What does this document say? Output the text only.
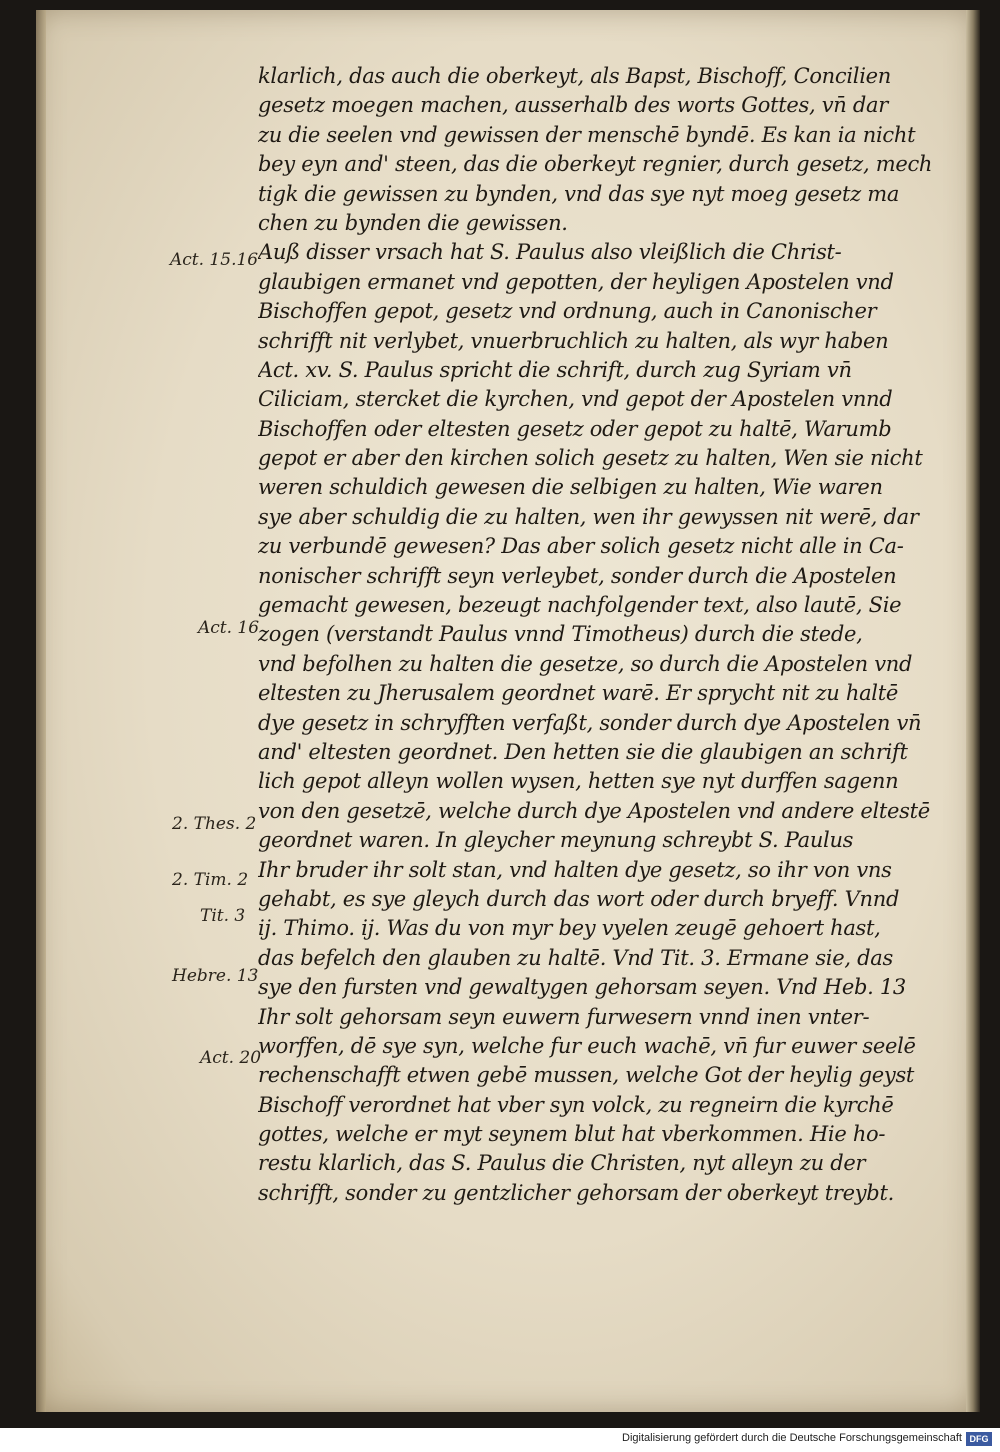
klarlich, das auch die oberkeyt, als Bapst, Bischoff, Concilien
gesetz moegen machen, ausserhalb des worts Gottes, vn̄ dar
zu die seelen vnd gewissen der menschē byndē. Es kan ia nicht
bey eyn and' steen, das die oberkeyt regnier, durch gesetz, mech
tigk die gewissen zu bynden, vnd das sye nyt moeg gesetz ma
chen zu bynden die gewissen.
Auß disser vrsach hat S. Paulus also vleißlich die Christ-
glaubigen ermanet vnd gepotten, der heyligen Apostelen vnd
Bischoffen gepot, gesetz vnd ordnung, auch in Canonischer
schrifft nit verlybet, vnuerbruchlich zu halten, als wyr haben
Act. xv. S. Paulus spricht die schrift, durch zug Syriam vn̄
Ciliciam, stercket die kyrchen, vnd gepot der Apostelen vnnd
Bischoffen oder eltesten gesetz oder gepot zu haltē, Warumb
gepot er aber den kirchen solich gesetz zu halten, Wen sie nicht
weren schuldich gewesen die selbigen zu halten, Wie waren
sye aber schuldig die zu halten, wen ihr gewyssen nit werē, dar
zu verbundē gewesen? Das aber solich gesetz nicht alle in Ca-
nonischer schrifft seyn verleybet, sonder durch die Apostelen
gemacht gewesen, bezeugt nachfolgender text, also lautē, Sie
zogen (verstandt Paulus vnnd Timotheus) durch die stede,
vnd befolhen zu halten die gesetze, so durch die Apostelen vnd
eltesten zu Jherusalem geordnet warē. Er sprycht nit zu haltē
dye gesetz in schryfften verfaßt, sonder durch dye Apostelen vn̄
and' eltesten geordnet. Den hetten sie die glaubigen an schrift
lich gepot alleyn wollen wysen, hetten sye nyt durffen sagenn
von den gesetzē, welche durch dye Apostelen vnd andere eltestē
geordnet waren. In gleycher meynung schreybt S. Paulus
Ihr bruder ihr solt stan, vnd halten dye gesetz, so ihr von vns
gehabt, es sye gleych durch das wort oder durch bryeff. Vnnd
ij. Thimo. ij. Was du von myr bey vyelen zeugē gehoert hast,
das befelch den glauben zu haltē. Vnd Tit. 3. Ermane sie, das
sye den fursten vnd gewaltygen gehorsam seyen. Vnd Heb. 13
Ihr solt gehorsam seyn euwern furwesern vnnd inen vnter-
worffen, dē sye syn, welche fur euch wachē, vn̄ fur euwer seelē
rechenschafft etwen gebē mussen, welche Got der heylig geyst
Bischoff verordnet hat vber syn volck, zu regneirn die kyrchē
gottes, welche er myt seynem blut hat vberkommen. Hie ho-
restu klarlich, das S. Paulus die Christen, nyt alleyn zu der
schrifft, sonder zu gentzlicher gehorsam der oberkeyt treybt.
Act. 15.16
Act. 16
2. Thes. 2
2. Tim. 2
Tit. 3
Hebre. 13
Act. 20
Digitalisierung gefördert durch die Deutsche Forschungsgemeinschaft DFG
